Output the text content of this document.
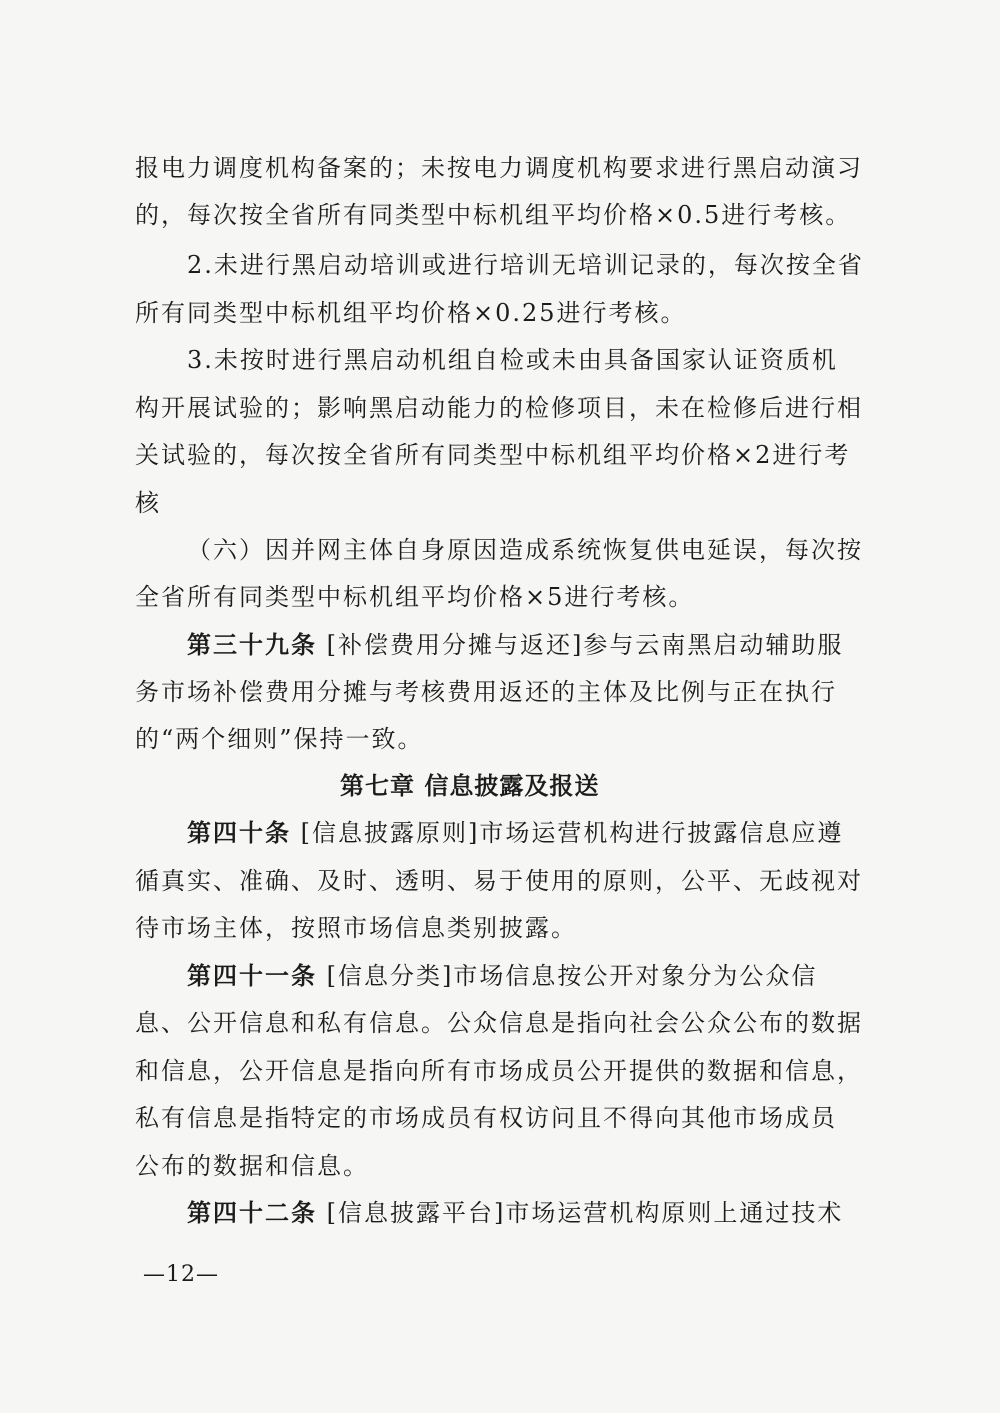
报电力调度机构备案的；未按电力调度机构要求进行黑启动演习
的，每次按全省所有同类型中标机组平均价格×0.5进行考核。
2.未进行黑启动培训或进行培训无培训记录的，每次按全省
所有同类型中标机组平均价格×0.25进行考核。
3.未按时进行黑启动机组自检或未由具备国家认证资质机
构开展试验的；影响黑启动能力的检修项目，未在检修后进行相
关试验的，每次按全省所有同类型中标机组平均价格×2进行考
核
（六）因并网主体自身原因造成系统恢复供电延误，每次按
全省所有同类型中标机组平均价格×5进行考核。
第三十九条 [补偿费用分摊与返还]参与云南黑启动辅助服
务市场补偿费用分摊与考核费用返还的主体及比例与正在执行
的“两个细则”保持一致。
第七章 信息披露及报送
第四十条 [信息披露原则]市场运营机构进行披露信息应遵
循真实、准确、及时、透明、易于使用的原则，公平、无歧视对
待市场主体，按照市场信息类别披露。
第四十一条 [信息分类]市场信息按公开对象分为公众信
息、公开信息和私有信息。公众信息是指向社会公众公布的数据
和信息，公开信息是指向所有市场成员公开提供的数据和信息，
私有信息是指特定的市场成员有权访问且不得向其他市场成员
公布的数据和信息。
第四十二条 [信息披露平台]市场运营机构原则上通过技术
—12—
